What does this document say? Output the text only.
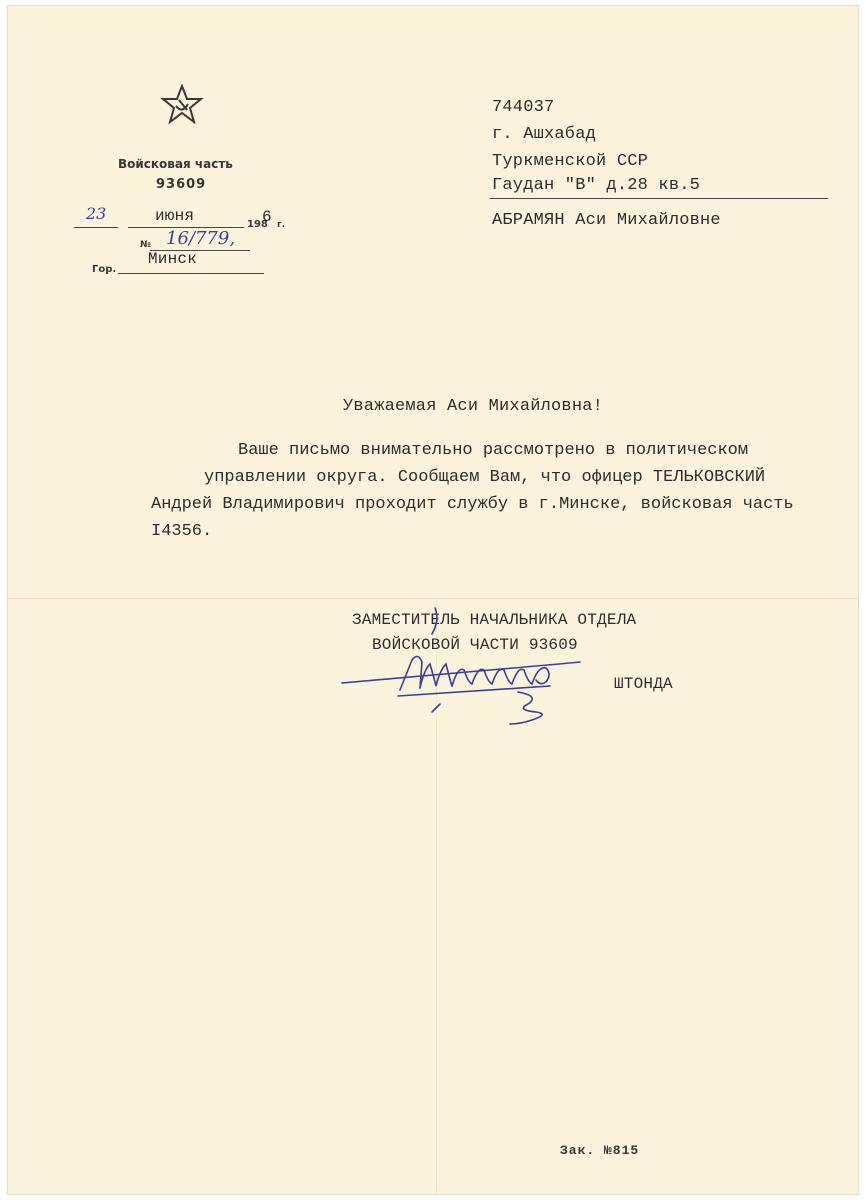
Войсковая часть
93609
23	июня	198
6 г.
№ 16/779,
Гор.
Минск
744037
г. Ашхабад
Туркменской ССР
Гаудан "В" д.28 кв.5
АБРАМЯН Аси Михайловне
Уважаемая Аси Михайловна!
Ваше письмо внимательно рассмотрено в политическом
управлении округа. Сообщаем Вам, что офицер ТЕЛЬКОВСКИЙ
Андрей Владимирович проходит службу в г.Минске, войсковая часть
I4356.
ЗАМЕСТИТЕЛЬ НАЧАЛЬНИКА ОТДЕЛА
ВОЙСКОВОЙ ЧАСТИ 93609
ШТОНДА
Зак. №815
